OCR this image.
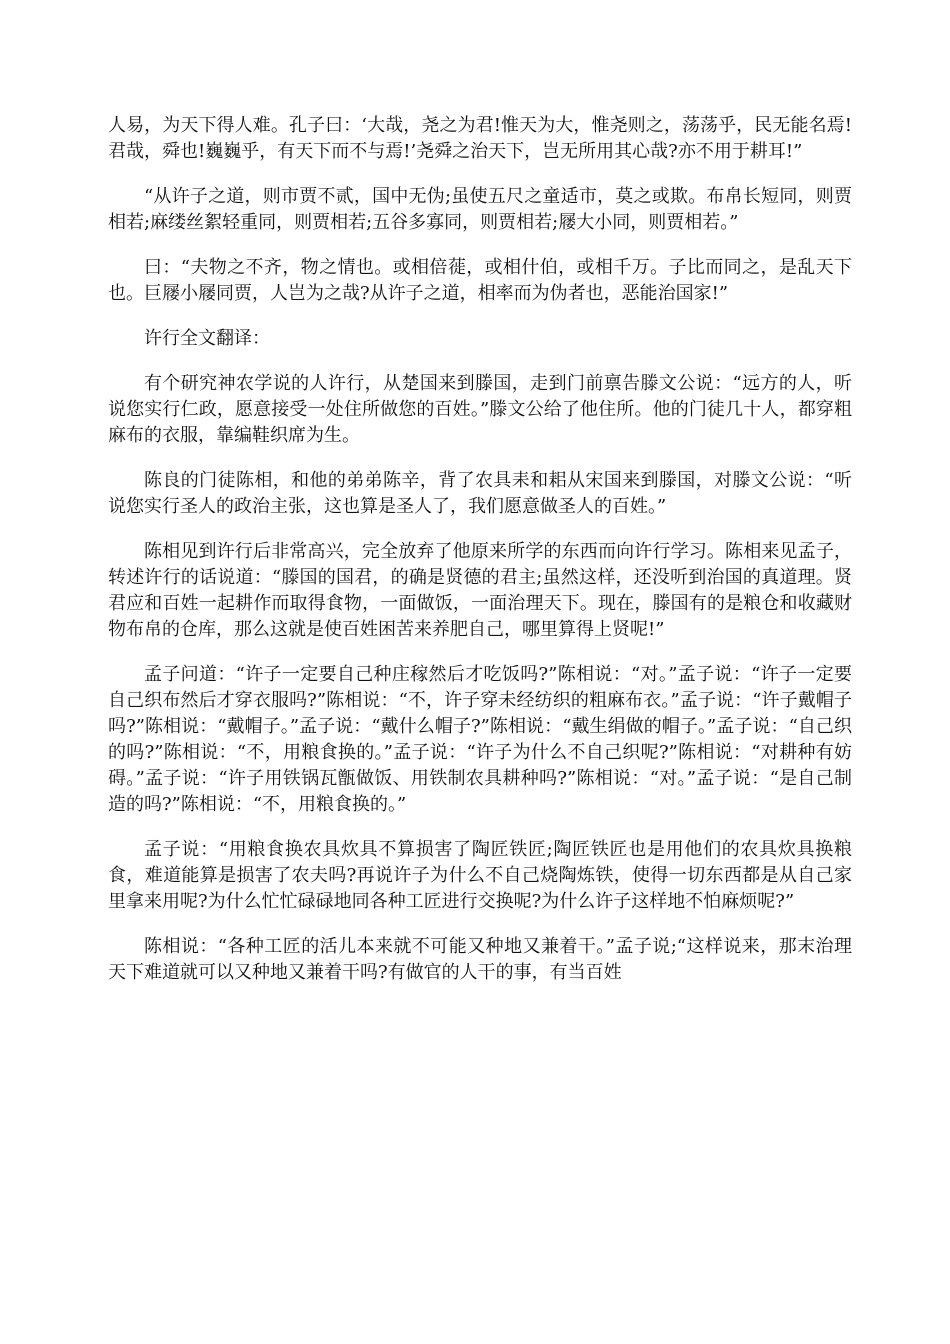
人易，为天下得人难。孔子曰：‘大哉，尧之为君!惟天为大，惟尧则之，荡荡乎，民无能名焉!君哉，舜也!巍巍乎，有天下而不与焉!’尧舜之治天下，岂无所用其心哉?亦不用于耕耳!”

“从许子之道，则市贾不贰，国中无伪;虽使五尺之童适市，莫之或欺。布帛长短同，则贾相若;麻缕丝絮轻重同，则贾相若;五谷多寡同，则贾相若;屦大小同，则贾相若。”

曰：“夫物之不齐，物之情也。或相倍蓰，或相什伯，或相千万。子比而同之，是乱天下也。巨屦小屦同贾，人岂为之哉?从许子之道，相率而为伪者也，恶能治国家!”

许行全文翻译：

有个研究神农学说的人许行，从楚国来到滕国，走到门前禀告滕文公说：“远方的人，听说您实行仁政，愿意接受一处住所做您的百姓。”滕文公给了他住所。他的门徒几十人，都穿粗麻布的衣服，靠编鞋织席为生。

陈良的门徒陈相，和他的弟弟陈辛，背了农具耒和耜从宋国来到滕国，对滕文公说：“听说您实行圣人的政治主张，这也算是圣人了，我们愿意做圣人的百姓。”

陈相见到许行后非常高兴，完全放弃了他原来所学的东西而向许行学习。陈相来见孟子，转述许行的话说道：“滕国的国君，的确是贤德的君主;虽然这样，还没听到治国的真道理。贤君应和百姓一起耕作而取得食物，一面做饭，一面治理天下。现在，滕国有的是粮仓和收藏财物布帛的仓库，那么这就是使百姓困苦来养肥自己，哪里算得上贤呢!”

孟子问道：“许子一定要自己种庄稼然后才吃饭吗?”陈相说：“对。”孟子说：“许子一定要自己织布然后才穿衣服吗?”陈相说：“不，许子穿未经纺织的粗麻布衣。”孟子说：“许子戴帽子吗?”陈相说：“戴帽子。”孟子说：“戴什么帽子?”陈相说：“戴生绢做的帽子。”孟子说：“自己织的吗?”陈相说：“不，用粮食换的。”孟子说：“许子为什么不自己织呢?”陈相说：“对耕种有妨碍。”孟子说：“许子用铁锅瓦甑做饭、用铁制农具耕种吗?”陈相说：“对。”孟子说：“是自己制造的吗?”陈相说：“不，用粮食换的。”

孟子说：“用粮食换农具炊具不算损害了陶匠铁匠;陶匠铁匠也是用他们的农具炊具换粮食，难道能算是损害了农夫吗?再说许子为什么不自己烧陶炼铁，使得一切东西都是从自己家里拿来用呢?为什么忙忙碌碌地同各种工匠进行交换呢?为什么许子这样地不怕麻烦呢?”

陈相说：“各种工匠的活儿本来就不可能又种地又兼着干。”孟子说;“这样说来，那末治理天下难道就可以又种地又兼着干吗?有做官的人干的事，有当百姓
